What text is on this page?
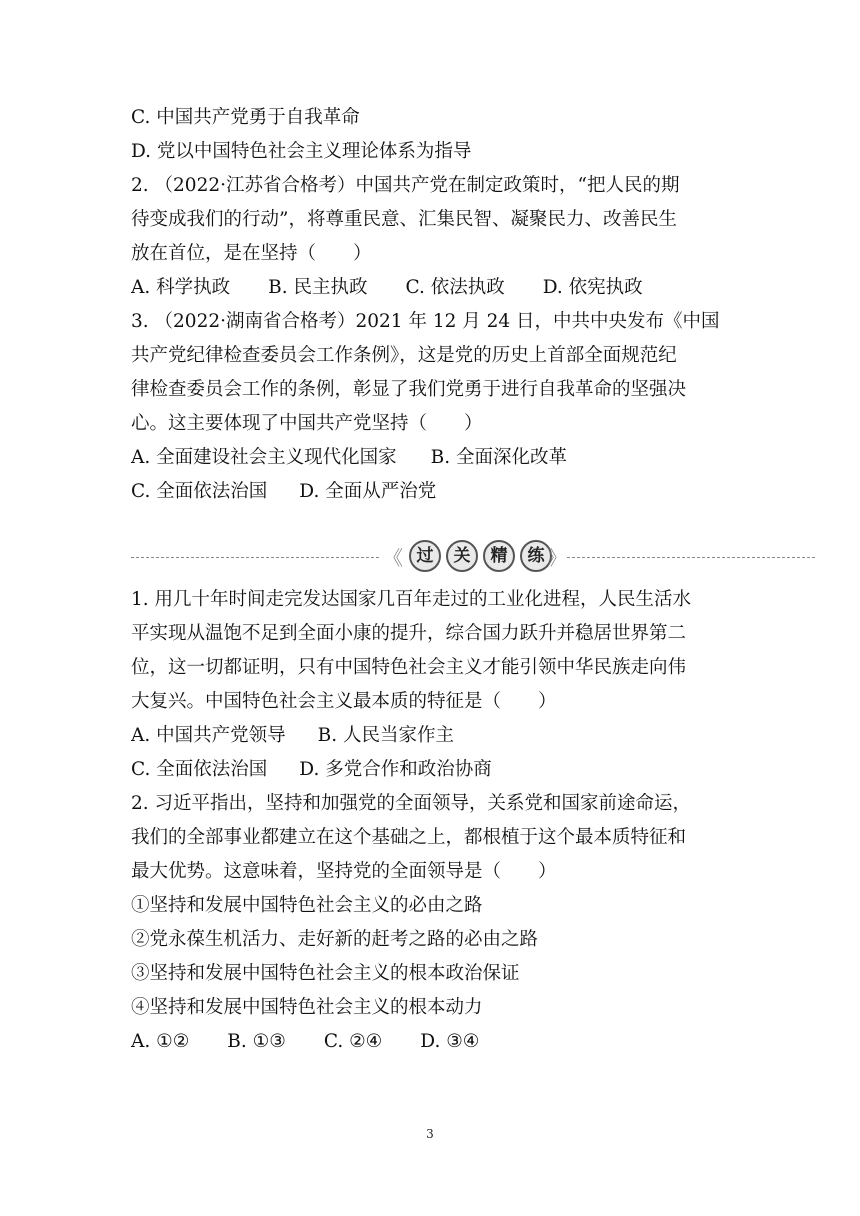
C. 中国共产党勇于自我革命
D. 党以中国特色社会主义理论体系为指导
2. （2022·江苏省合格考）中国共产党在制定政策时，“把人民的期
待变成我们的行动”，将尊重民意、汇集民智、凝聚民力、改善民生
放在首位，是在坚持（　　）
A. 科学执政 B. 民主执政 C. 依法执政 D. 依宪执政
3. （2022·湖南省合格考）2021 年 12 月 24 日，中共中央发布《中国
共产党纪律检查委员会工作条例》，这是党的历史上首部全面规范纪
律检查委员会工作的条例，彰显了我们党勇于进行自我革命的坚强决
心。这主要体现了中国共产党坚持（　　）
A. 全面建设社会主义现代化国家 B. 全面深化改革
C. 全面依法治国 D. 全面从严治党
《 过	关	精	练 》
1. 用几十年时间走完发达国家几百年走过的工业化进程，人民生活水
平实现从温饱不足到全面小康的提升，综合国力跃升并稳居世界第二
位，这一切都证明，只有中国特色社会主义才能引领中华民族走向伟
大复兴。中国特色社会主义最本质的特征是（　　）
A. 中国共产党领导 B. 人民当家作主
C. 全面依法治国 D. 多党合作和政治协商
2. 习近平指出，坚持和加强党的全面领导，关系党和国家前途命运，
我们的全部事业都建立在这个基础之上，都根植于这个最本质特征和
最大优势。这意味着，坚持党的全面领导是（　　）
①坚持和发展中国特色社会主义的必由之路
②党永葆生机活力、走好新的赶考之路的必由之路
③坚持和发展中国特色社会主义的根本政治保证
④坚持和发展中国特色社会主义的根本动力
A. ①② B. ①③ C. ②④ D. ③④
3
